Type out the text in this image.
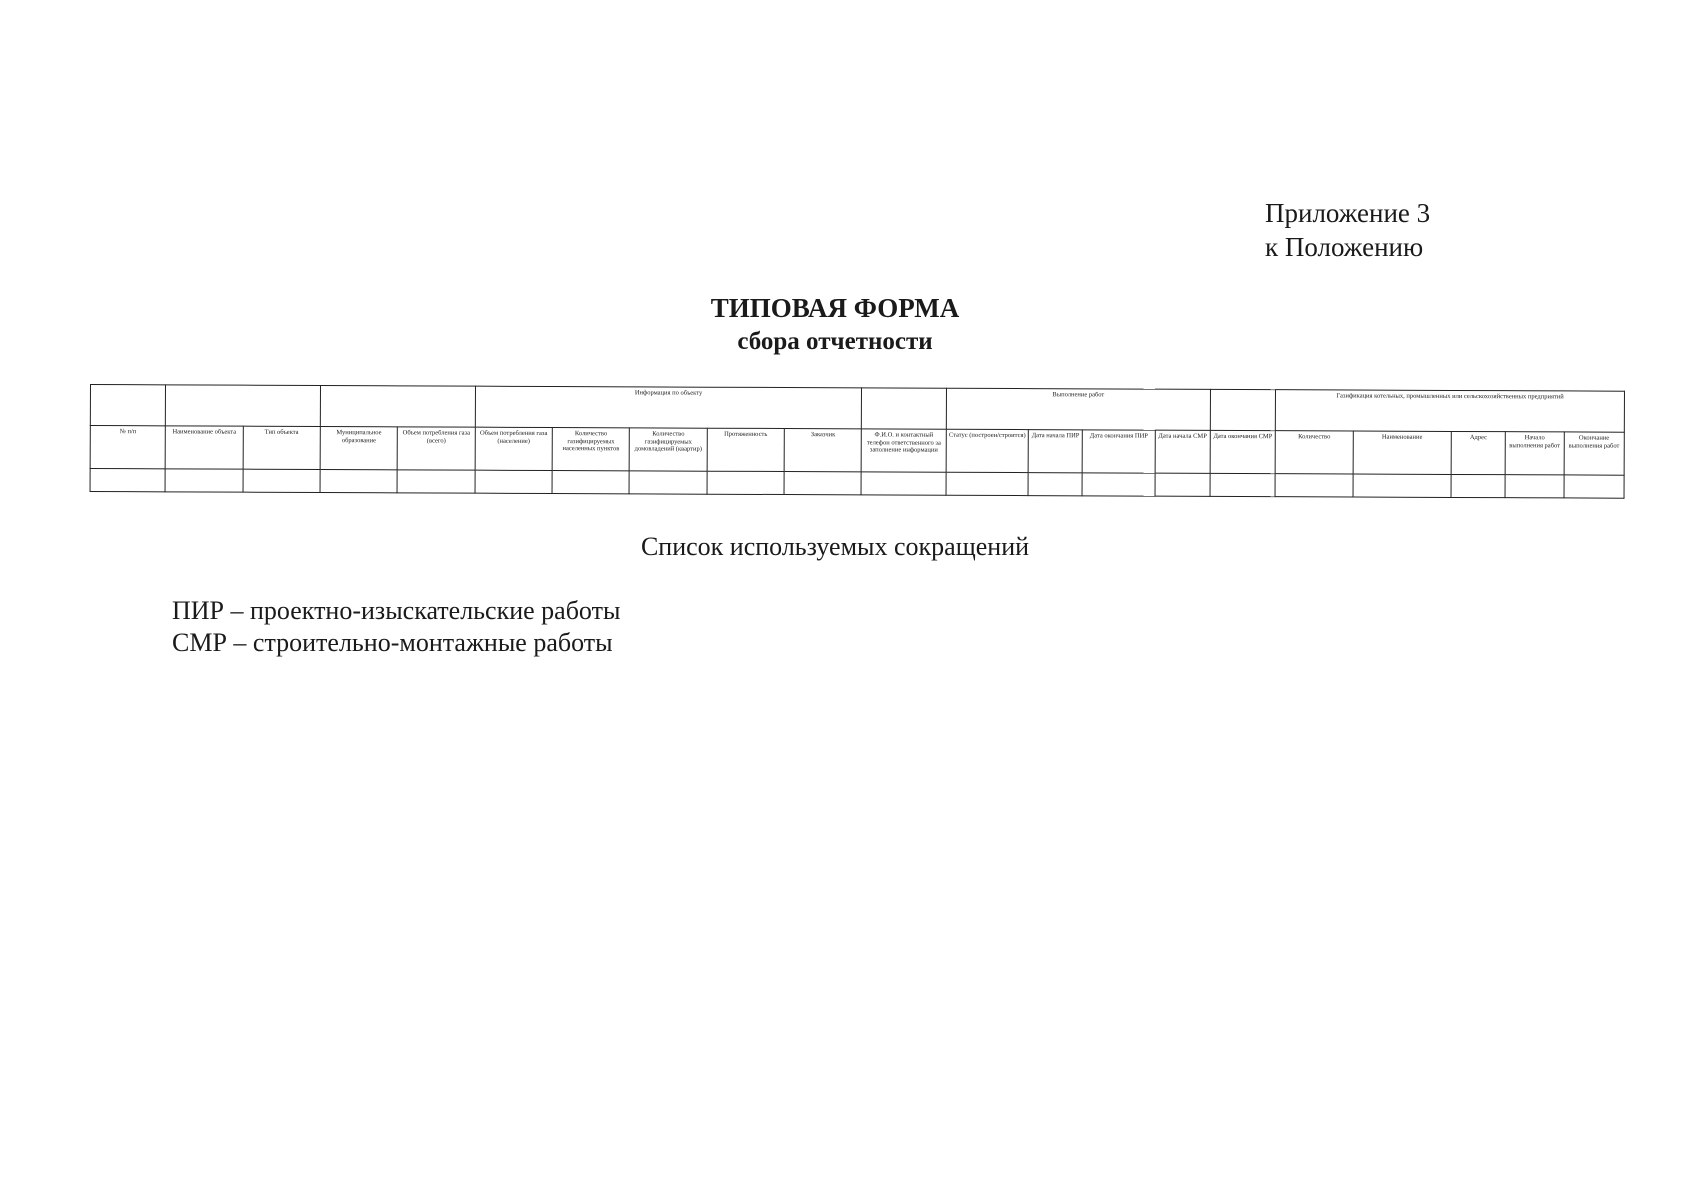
Приложение 3
к Положению
ТИПОВАЯ ФОРМА
сбора отчетности
					Информация по объекту						Выполнение работ					Газификация котельных, промышленных или сельскохозяйственных предприятий				
№ п/п	Наименование объекта	Тип объекта	Муниципальное образование	Объем потребления газа (всего)	Объем потребления газа (население)	Количество газифицируемых населенных пунктов	Количество газифицируемых домовладений (квартир)	Протяженность	Заказчик	Ф.И.О. и контактный телефон ответственного за заполнение информации	Статус (построен/строится)	Дата начала ПИР	Дата окончания ПИР	Дата начала СМР	Дата окончания СМР	Количество	Наименование	Адрес	Начало выполнения работ	Окончание выполнения работ

Список используемых сокращений
ПИР – проектно-изыскательские работы
СМР – строительно-монтажные работы
